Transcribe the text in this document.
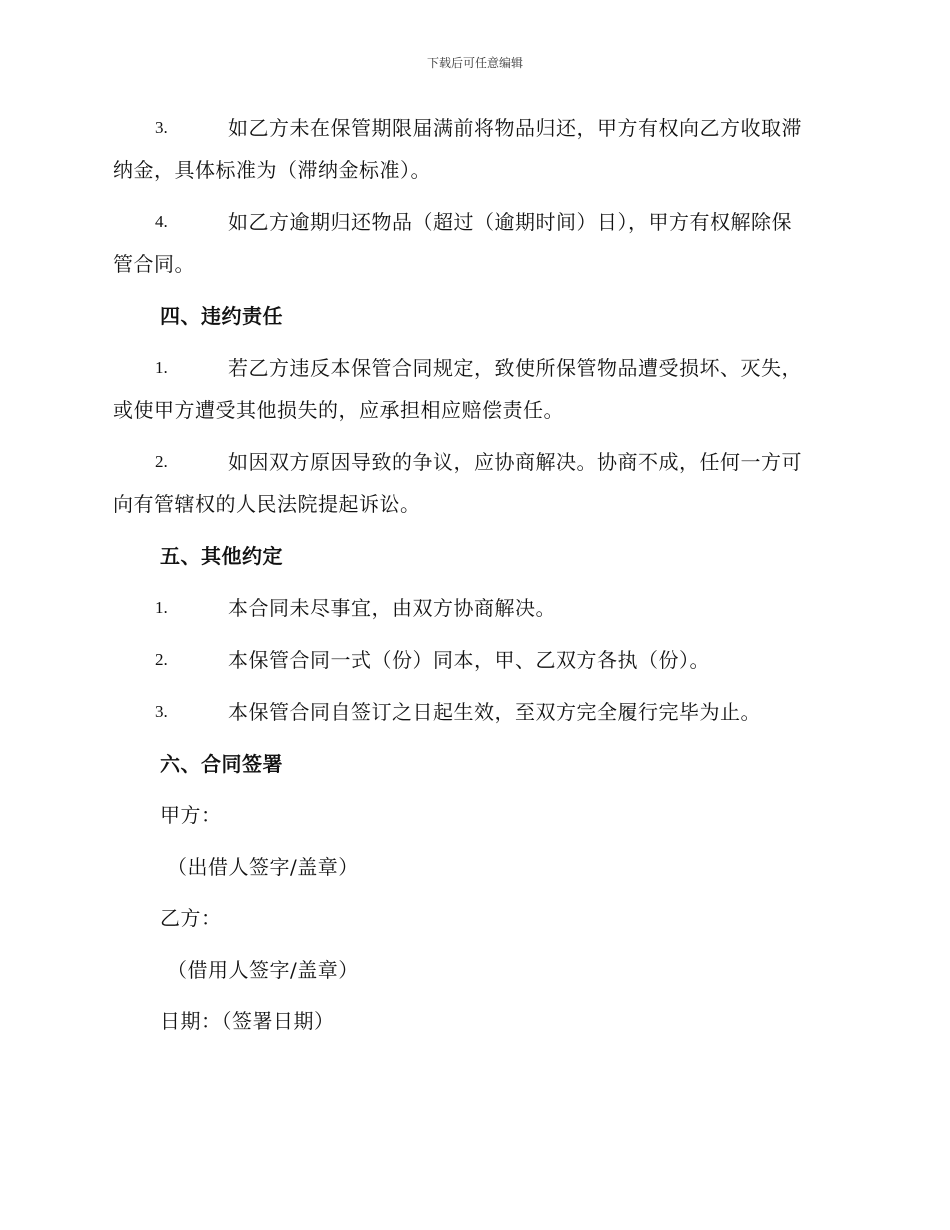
下载后可任意编辑
3.	如乙方未在保管期限届满前将物品归还，甲方有权向乙方收取滞
纳金，具体标准为（滞纳金标准）。
4.	如乙方逾期归还物品（超过（逾期时间）日），甲方有权解除保
管合同。
四、违约责任
1.	若乙方违反本保管合同规定，致使所保管物品遭受损坏、灭失，
或使甲方遭受其他损失的，应承担相应赔偿责任。
2.	如因双方原因导致的争议，应协商解决。协商不成，任何一方可
向有管辖权的人民法院提起诉讼。
五、其他约定
1.	本合同未尽事宜，由双方协商解决。
2.	本保管合同一式（份）同本，甲、乙双方各执（份）。
3.	本保管合同自签订之日起生效，至双方完全履行完毕为止。
六、合同签署
甲方：
（出借人签字/盖章）
乙方：
（借用人签字/盖章）
日期：（签署日期）
